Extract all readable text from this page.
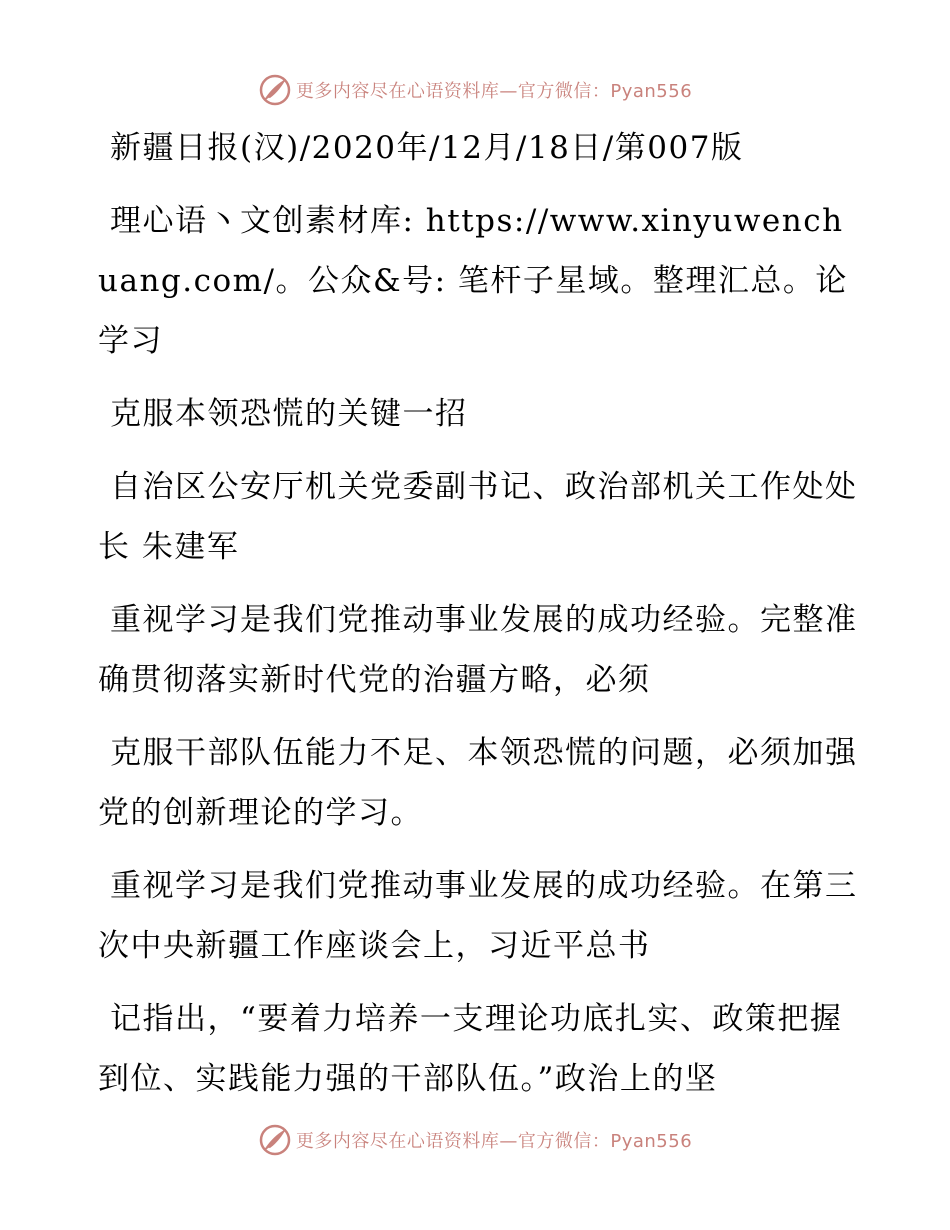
更多内容尽在心语资料库—官方微信：Pyan556

新疆日报(汉)/2020年/12月/18日/第007版

理心语丶文创素材库: https://www.xinyuwenchuang.com/。公众&号: 笔杆子星域。整理汇总。论学习

克服本领恐慌的关键一招

自治区公安厅机关党委副书记、政治部机关工作处处长 朱建军

重视学习是我们党推动事业发展的成功经验。完整准确贯彻落实新时代党的治疆方略，必须

克服干部队伍能力不足、本领恐慌的问题，必须加强党的创新理论的学习。

重视学习是我们党推动事业发展的成功经验。在第三次中央新疆工作座谈会上，习近平总书

记指出，“要着力培养一支理论功底扎实、政策把握到位、实践能力强的干部队伍。”政治上的坚

更多内容尽在心语资料库—官方微信：Pyan556
